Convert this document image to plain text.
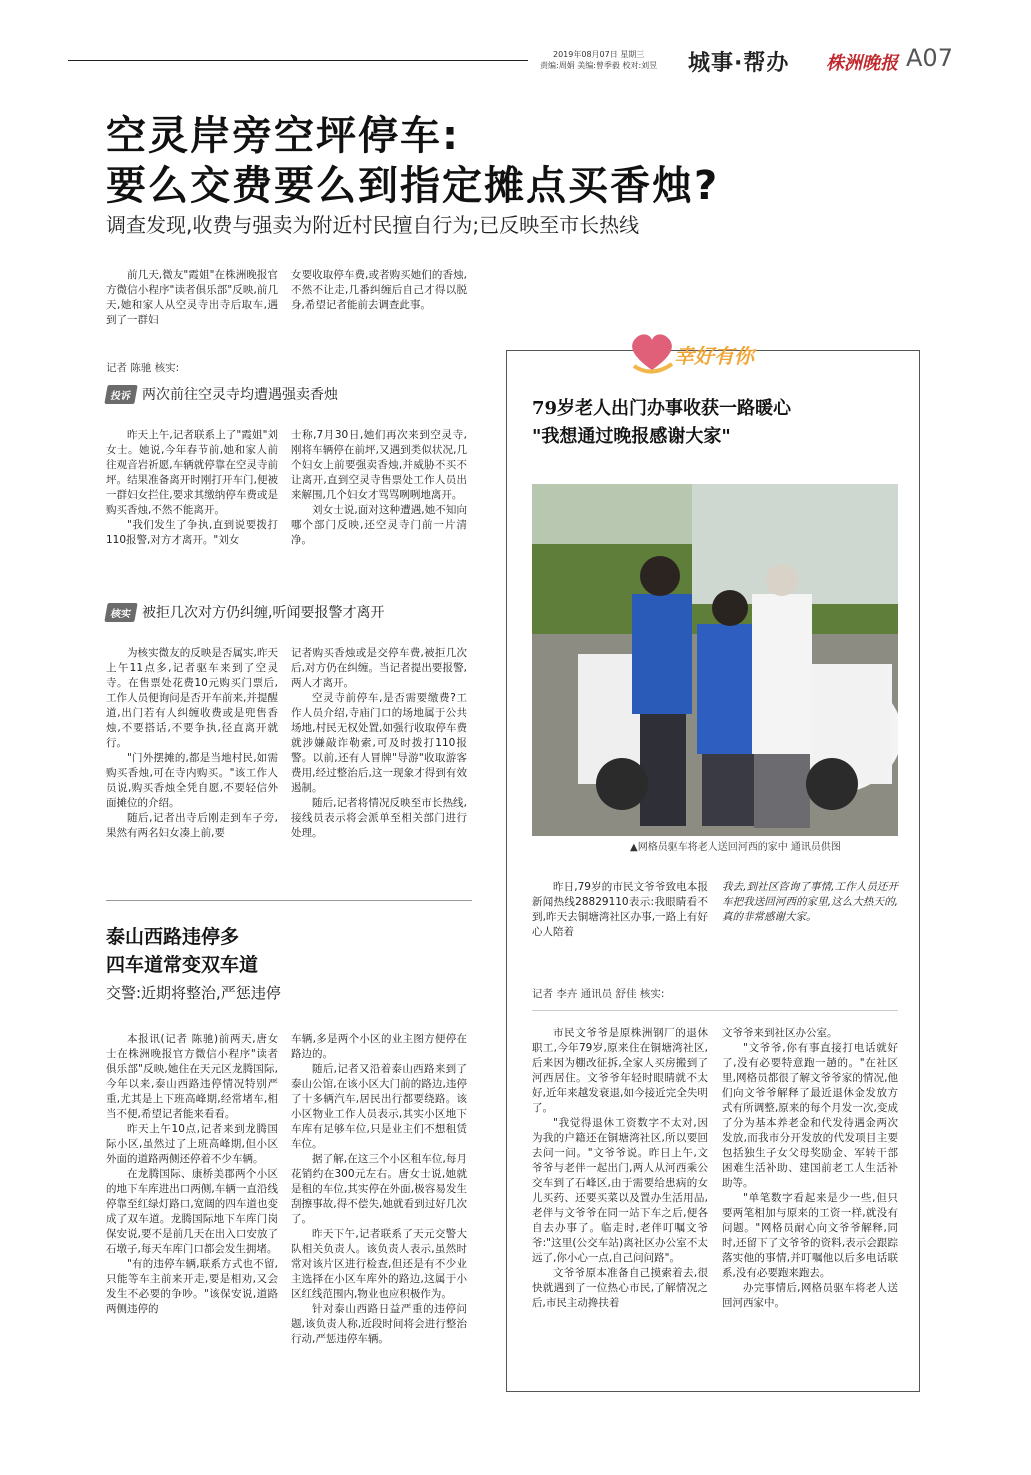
2019年08月07日 星期三
责编:周娟 美编:曾季毅 校对:刘昱 城事·帮办 株洲晚报 A07
空灵岸旁空坪停车:
要么交费要么到指定摊点买香烛?
调查发现,收费与强卖为附近村民擅自行为;已反映至市长热线

前几天,微友"霞姐"在株洲晚报官方微信小程序"读者俱乐部"反映,前几天,她和家人从空灵寺出寺后取车,遇到了一群妇

女要收取停车费,或者购买她们的香烛,不然不让走,几番纠缠后自己才得以脱身,希望记者能前去调查此事。

记者 陈驰 核实:
投诉 两次前往空灵寺均遭遇强卖香烛

昨天上午,记者联系上了"霞姐"刘女士。她说,今年春节前,她和家人前往观音岩祈愿,车辆就停靠在空灵寺前坪。结果准备离开时刚打开车门,便被一群妇女拦住,要求其缴纳停车费或是购买香烛,不然不能离开。

"我们发生了争执,直到说要拨打110报警,对方才离开。"刘女

士称,7月30日,她们再次来到空灵寺,刚将车辆停在前坪,又遇到类似状况,几个妇女上前要强卖香烛,并威胁不买不让离开,直到空灵寺售票处工作人员出来解围,几个妇女才骂骂咧咧地离开。

刘女士说,面对这种遭遇,她不知向哪个部门反映,还空灵寺门前一片清净。

核实 被拒几次对方仍纠缠,听闻要报警才离开

为核实微友的反映是否属实,昨天上午11点多,记者驱车来到了空灵寺。在售票处花费10元购买门票后,工作人员便询问是否开车前来,并提醒道,出门若有人纠缠收费或是兜售香烛,不要搭话,不要争执,径直离开就行。

"门外摆摊的,都是当地村民,如需购买香烛,可在寺内购买。"该工作人员说,购买香烛全凭自愿,不要轻信外面摊位的介绍。

随后,记者出寺后刚走到车子旁,果然有两名妇女凑上前,要

记者购买香烛或是交停车费,被拒几次后,对方仍在纠缠。当记者提出要报警,两人才离开。

空灵寺前停车,是否需要缴费?工作人员介绍,寺庙门口的场地属于公共场地,村民无权处置,如强行收取停车费就涉嫌敲诈勒索,可及时拨打110报警。以前,还有人冒牌"导游"收取游客费用,经过整治后,这一现象才得到有效遏制。

随后,记者将情况反映至市长热线,接线员表示将会派单至相关部门进行处理。

泰山西路违停多
四车道常变双车道
交警:近期将整治,严惩违停

本报讯(记者 陈驰)前两天,唐女士在株洲晚报官方微信小程序"读者俱乐部"反映,她住在天元区龙腾国际,今年以来,泰山西路违停情况特别严重,尤其是上下班高峰期,经常堵车,相当不便,希望记者能来看看。

昨天上午10点,记者来到龙腾国际小区,虽然过了上班高峰期,但小区外面的道路两侧还停着不少车辆。

在龙腾国际、康桥美郡两个小区的地下车库进出口两侧,车辆一直沿线停靠至红绿灯路口,宽阔的四车道也变成了双车道。龙腾国际地下车库门岗保安说,要不是前几天在出入口安放了石墩子,每天车库门口都会发生拥堵。

"有的违停车辆,联系方式也不留,只能等车主前来开走,要是相劝,又会发生不必要的争吵。"该保安说,道路两侧违停的

车辆,多是两个小区的业主图方便停在路边的。

随后,记者又沿着泰山西路来到了泰山公馆,在该小区大门前的路边,违停了十多辆汽车,居民出行都要绕路。该小区物业工作人员表示,其实小区地下车库有足够车位,只是业主们不想租赁车位。

据了解,在这三个小区租车位,每月花销约在300元左右。唐女士说,她就是租的车位,其实停在外面,极容易发生刮擦事故,得不偿失,她就看到过好几次了。

昨天下午,记者联系了天元交警大队相关负责人。该负责人表示,虽然时常对该片区进行检查,但还是有不少业主选择在小区车库外的路边,这属于小区红线范围内,物业也应积极作为。

针对泰山西路日益严重的违停问题,该负责人称,近段时间将会进行整治行动,严惩违停车辆。

幸好有你
79岁老人出门办事收获一路暖心
"我想通过晚报感谢大家"
▲网格员驱车将老人送回河西的家中 通讯员供图

昨日,79岁的市民文爷爷致电本报新闻热线28829110表示:我眼睛看不到,昨天去铜塘湾社区办事,一路上有好心人陪着

我去,到社区咨询了事情,工作人员还开车把我送回河西的家里,这么大热天的,真的非常感谢大家。

记者 李卉 通讯员 舒佳 核实:

市民文爷爷是原株洲钢厂的退休职工,今年79岁,原来住在铜塘湾社区,后来因为棚改征拆,全家人买房搬到了河西居住。文爷爷年轻时眼睛就不太好,近年来越发衰退,如今接近完全失明了。

"我觉得退休工资数字不太对,因为我的户籍还在铜塘湾社区,所以要回去问一问。"文爷爷说。昨日上午,文爷爷与老伴一起出门,两人从河西乘公交车到了石峰区,由于需要给患病的女儿买药、还要买菜以及置办生活用品,老伴与文爷爷在同一站下车之后,便各自去办事了。临走时,老伴叮嘱文爷爷:"这里(公交车站)离社区办公室不太远了,你小心一点,自己问问路"。

文爷爷原本准备自己摸索着去,很快就遇到了一位热心市民,了解情况之后,市民主动搀扶着

文爷爷来到社区办公室。

"文爷爷,你有事直接打电话就好了,没有必要特意跑一趟的。"在社区里,网格员都很了解文爷爷家的情况,他们向文爷爷解释了最近退休金发放方式有所调整,原来的每个月发一次,变成了分为基本养老金和代发待遇金两次发放,而我市分开发放的代发项目主要包括独生子女父母奖励金、军转干部困难生活补助、建国前老工人生活补助等。

"单笔数字看起来是少一些,但只要两笔相加与原来的工资一样,就没有问题。"网格员耐心向文爷爷解释,同时,还留下了文爷爷的资料,表示会跟踪落实他的事情,并叮嘱他以后多电话联系,没有必要跑来跑去。

办完事情后,网格员驱车将老人送回河西家中。
